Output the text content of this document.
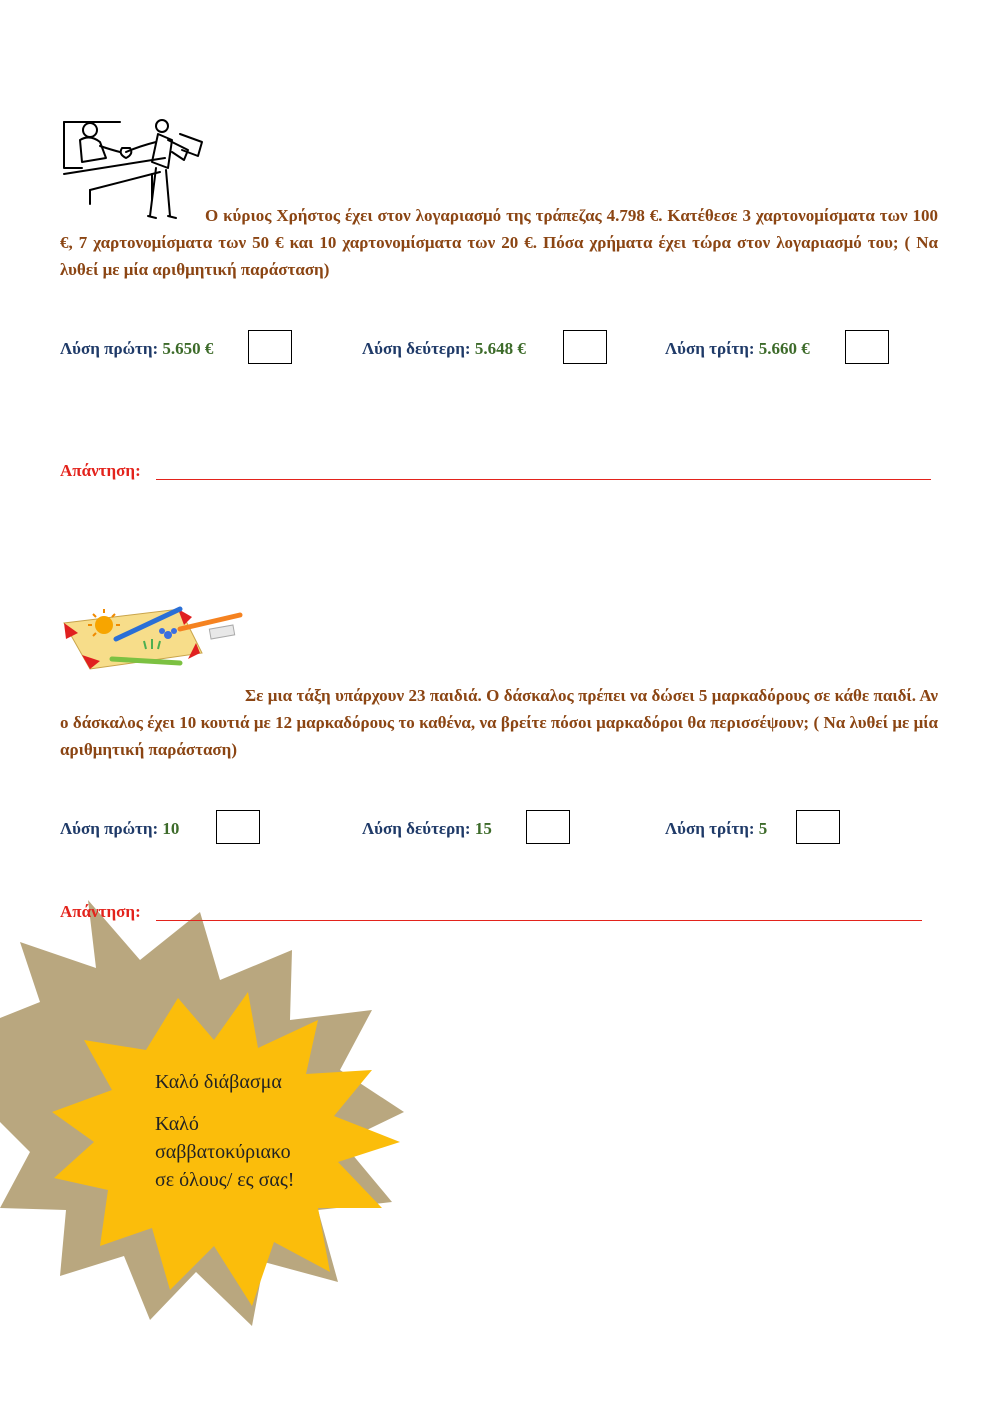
Ο κύριος Χρήστος έχει στον λογαριασμό της τράπεζας 4.798 €. Κατέθεσε 3 χαρτονομίσματα των 100 €, 7 χαρτονομίσματα των 50 € και 10 χαρτονομίσματα των 20 €. Πόσα χρήματα έχει τώρα στον λογαριασμό του; ( Να λυθεί με μία αριθμητική παράσταση)
Λύση πρώτη: 5.650 €	Λύση δεύτερη: 5.648 €	Λύση τρίτη: 5.660 €
Απάντηση:
Σε μια τάξη υπάρχουν 23 παιδιά. Ο δάσκαλος πρέπει να δώσει 5 μαρκαδόρους σε κάθε παιδί. Αν ο δάσκαλος έχει 10 κουτιά με 12 μαρκαδόρους το καθένα, να βρείτε πόσοι μαρκαδόροι θα περισσέψουν; ( Να λυθεί με μία αριθμητική παράσταση)
Λύση πρώτη: 10	Λύση δεύτερη: 15	Λύση τρίτη: 5
Απάντηση:
Καλό διάβασμα
Καλό
σαββατοκύριακο
σε όλους/ ες σας!
